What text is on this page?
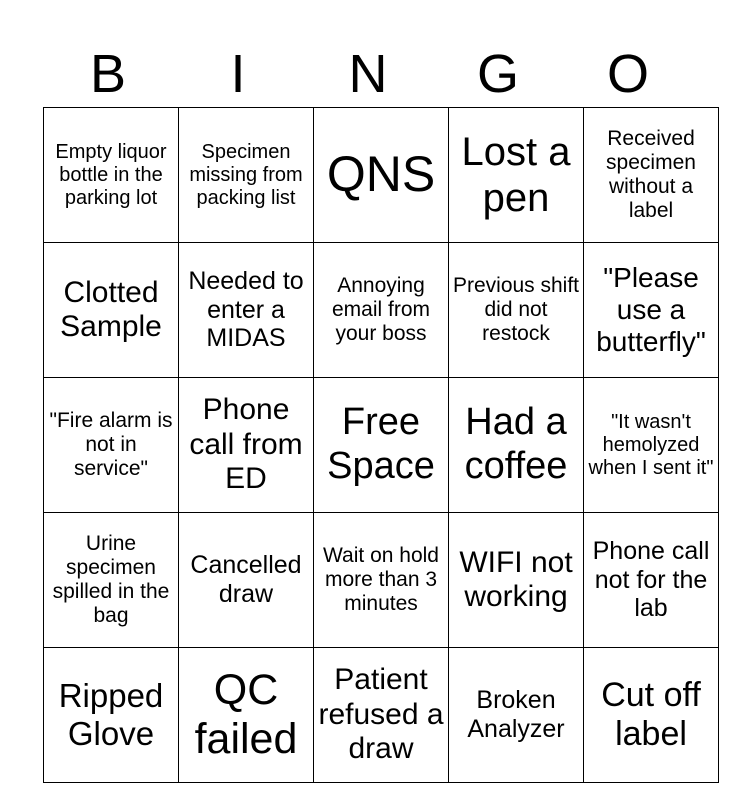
B	I	N	G	O
Empty liquor bottle in the parking lot	Specimen missing from packing list	QNS	Lost a pen	Received specimen without a label
Clotted Sample	Needed to enter a MIDAS	Annoying email from your boss	Previous shift did not restock	"Please use a butterfly"
"Fire alarm is not in service"	Phone call from ED	Free Space	Had a coffee	"It wasn't hemolyzed when I sent it"
Urine specimen spilled in the bag	Cancelled draw	Wait on hold more than 3 minutes	WIFI not working	Phone call not for the lab
Ripped Glove	QC failed	Patient refused a draw	Broken Analyzer	Cut off label
